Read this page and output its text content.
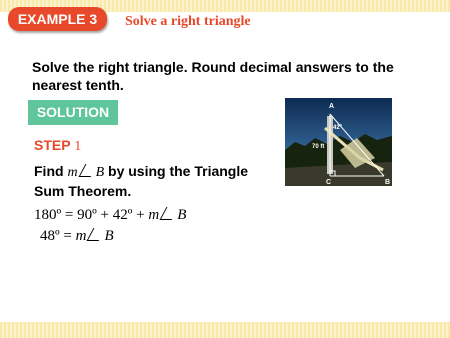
EXAMPLE 3	Solve a right triangle
Solve the right triangle. Round decimal answers to the nearest tenth.
SOLUTION
STEP 1
Find m B by using the Triangle Sum Theorem.
180º = 90º + 42º + m B
48º = m B
A
C	B
42º
70 ft
